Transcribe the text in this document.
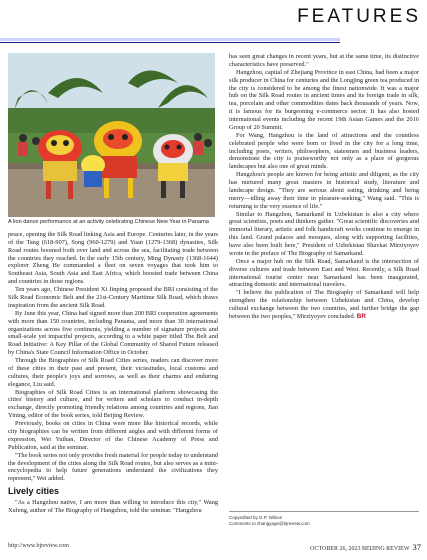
FEATURES
A lion dance performance at an activity celebrating Chinese New Year in Panama

peace, opening the Silk Road linking Asia and Europe. Centuries later, in the years of the Tang (618-907), Song (960-1279) and Yuan (1279-1368) dynasties, Silk Road routes boomed both over land and across the sea, facilitating trade between the countries they reached. In the early 15th century, Ming Dynasty (1368-1644) explorer Zheng He commanded a fleet on seven voyages that took him to Southeast Asia, South Asia and East Africa, which boosted trade between China and countries in those regions.

Ten years ago, Chinese President Xi Jinping proposed the BRI consisting of the Silk Road Economic Belt and the 21st-Century Maritime Silk Road, which draws inspiration from the ancient Silk Road.

By June this year, China had signed more than 200 BRI cooperation agreements with more than 150 countries, including Panama, and more than 30 international organizations across five continents, yielding a number of signature projects and small-scale yet impactful projects, according to a white paper titled The Belt and Road Initiative: A Key Pillar of the Global Community of Shared Future released by China's State Council Information Office in October.

Through the Biographies of Silk Road Cities series, readers can discover more of these cities in their past and present, their vicissitudes, local customs and cultures, their people's joys and sorrows, as well as their charms and enduring elegance, Liu said.

Biographies of Silk Road Cities is an international platform showcasing the cities' history and culture, and for writers and scholars to conduct in-depth exchange, directly promoting friendly relations among countries and regions, Jian Yining, editor of the book series, told Beijing Review.

Previously, books on cities in China were more like historical records, while city biographies can be written from different angles and with different forms of expression, Wei Yuihan, Director of the Chinese Academy of Press and Publication, said at the seminar.

"The book series not only provides fresh material for people today to understand the development of the cities along the Silk Road routes, but also serves as a mini-encyclopedia to help future generations understand the civilizations they represent," Wei added.

Lively cities

"As a Hangzhou native, I am more than willing to introduce this city," Wang Xufeng, author of The Biography of Hangzhou, told the seminar. "Hangzhou

has seen great changes in recent years, but at the same time, its distinctive characteristics have preserved."

Hangzhou, capital of Zhejiang Province in east China, had been a major silk producer in China for centuries and the Longjing green tea produced in the city is considered to be among the finest nationwide. It was a major hub on the Silk Road routes in ancient times and its foreign trade in silk, tea, porcelain and other commodities dates back thousands of years. Now, it is famous for its burgeoning e-commerce sector. It has also hosted international events including the recent 19th Asian Games and the 2016 Group of 20 Summit.

For Wang, Hangzhou is the land of attractions and the countless celebrated people who were born or lived in the city for a long time, including poets, writers, philosophers, statesmen and business leaders, demonstrate the city is praiseworthy not only as a place of gorgeous landscapes but also one of great minds.

Hangzhou's people are known for being artistic and diligent, as the city has nurtured many great masters in historical study, literature and landscape design. "They are serious about eating, drinking and being merry—idling away their time in pleasure-seeking," Wang said. "This is returning to the very essence of life."

Similar to Hangzhou, Samarkand in Uzbekistan is also a city where great scientists, poets and thinkers gather. "Great scientific discoveries and immortal literary, artistic and folk handicraft works continue to emerge in this land. Grand palaces and mosques, along with supporting facilities, have also been built here," President of Uzbekistan Shavkat Mirziyoyev wrote in the preface of The Biography of Samarkand.

Once a major hub on the Silk Road, Samarkand is the intersection of diverse cultures and trade between East and West. Recently, a Silk Road international tourist center near Samarkand has been inaugurated, attracting domestic and international travelers.

"I believe the publication of The Biography of Samarkand will help strengthen the relationship between Uzbekistan and China, develop cultural exchange between the two countries, and further bridge the gap between the two peoples," Mirziyoyev concluded. BR

Copyedited by G.P. Wilson
Comments to zhangyage@bjreview.com
http://www.bjreview.com	OCTOBER 26, 2023 BEIJING REVIEW 37
